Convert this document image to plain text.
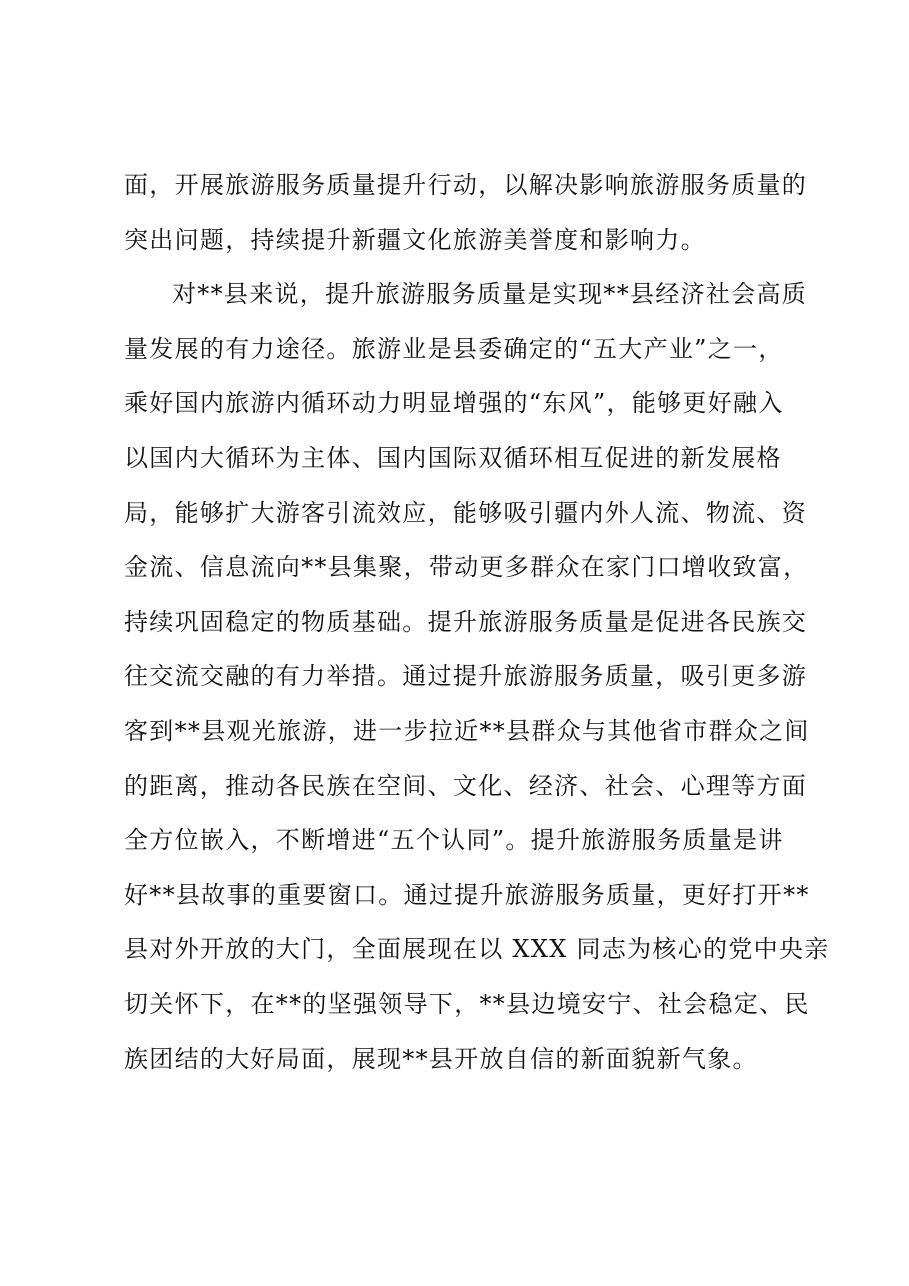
面，开展旅游服务质量提升行动，以解决影响旅游服务质量的
突出问题，持续提升新疆文化旅游美誉度和影响力。
对**县来说，提升旅游服务质量是实现**县经济社会高质
量发展的有力途径。旅游业是县委确定的“五大产业”之一，
乘好国内旅游内循环动力明显增强的“东风”，能够更好融入
以国内大循环为主体、国内国际双循环相互促进的新发展格
局，能够扩大游客引流效应，能够吸引疆内外人流、物流、资
金流、信息流向**县集聚，带动更多群众在家门口增收致富，
持续巩固稳定的物质基础。提升旅游服务质量是促进各民族交
往交流交融的有力举措。通过提升旅游服务质量，吸引更多游
客到**县观光旅游，进一步拉近**县群众与其他省市群众之间
的距离，推动各民族在空间、文化、经济、社会、心理等方面
全方位嵌入，不断增进“五个认同”。提升旅游服务质量是讲
好**县故事的重要窗口。通过提升旅游服务质量，更好打开**
县对外开放的大门，全面展现在以 XXX 同志为核心的党中央亲
切关怀下，在**的坚强领导下，**县边境安宁、社会稳定、民
族团结的大好局面，展现**县开放自信的新面貌新气象。
